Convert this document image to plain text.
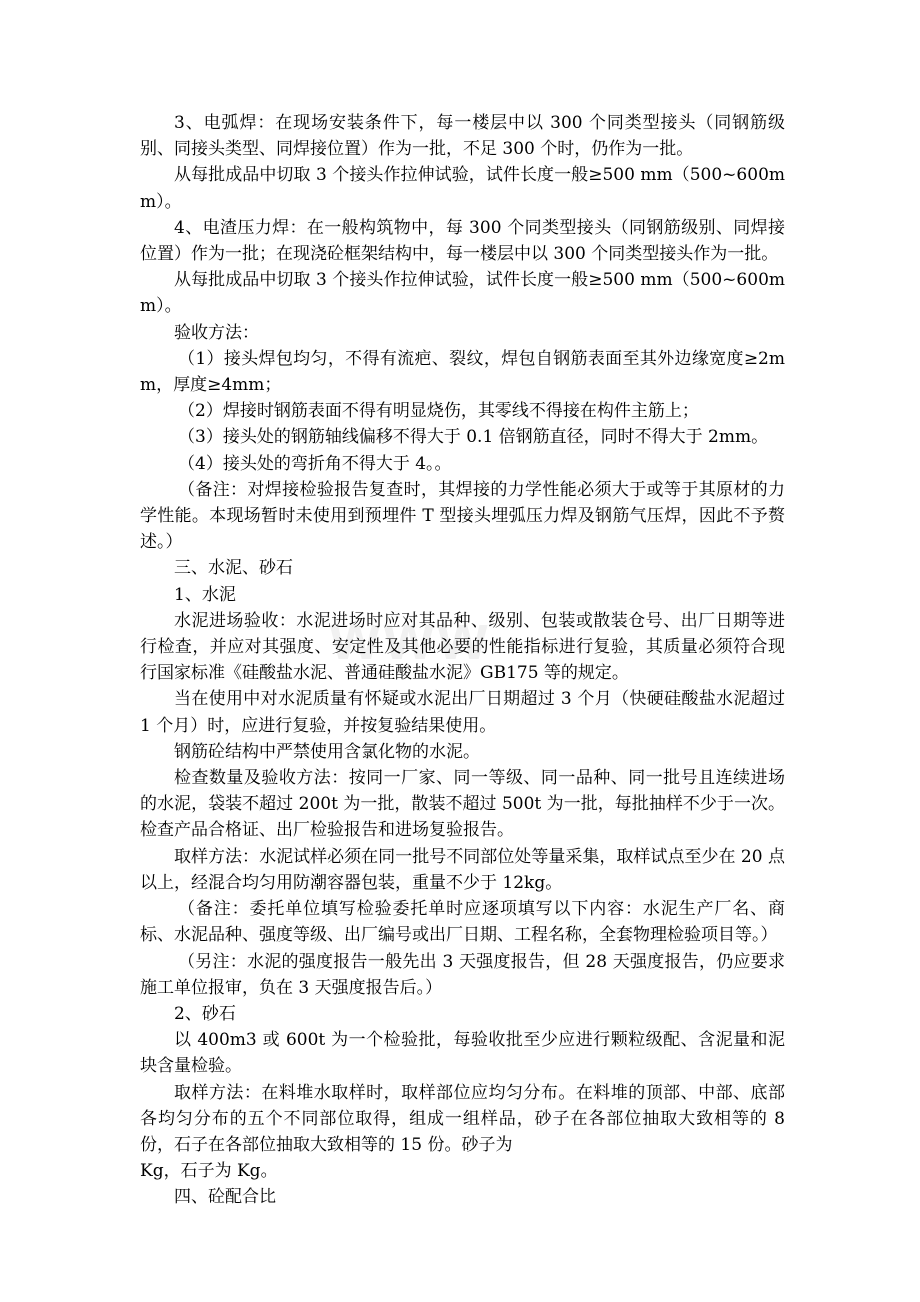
www

3、电弧焊：在现场安装条件下，每一楼层中以 300 个同类型接头（同钢筋级别、同接头类型、同焊接位置）作为一批，不足 300 个时，仍作为一批。

从每批成品中切取 3 个接头作拉伸试验，试件长度一般≥500 mm（500~600mm）。

4、电渣压力焊：在一般构筑物中，每 300 个同类型接头（同钢筋级别、同焊接位置）作为一批；在现浇砼框架结构中，每一楼层中以 300 个同类型接头作为一批。

从每批成品中切取 3 个接头作拉伸试验，试件长度一般≥500 mm（500~600mm）。

验收方法：

（1）接头焊包均匀，不得有流疤、裂纹，焊包自钢筋表面至其外边缘宽度≥2mm，厚度≥4mm；

（2）焊接时钢筋表面不得有明显烧伤，其零线不得接在构件主筋上；

（3）接头处的钢筋轴线偏移不得大于 0.1 倍钢筋直径，同时不得大于 2mm。

（4）接头处的弯折角不得大于 4。。

（备注：对焊接检验报告复查时，其焊接的力学性能必须大于或等于其原材的力学性能。本现场暂时未使用到预埋件 T 型接头埋弧压力焊及钢筋气压焊，因此不予赘述。）

三、水泥、砂石

1、水泥

水泥进场验收：水泥进场时应对其品种、级别、包装或散装仓号、出厂日期等进行检查，并应对其强度、安定性及其他必要的性能指标进行复验，其质量必须符合现行国家标准《硅酸盐水泥、普通硅酸盐水泥》GB175 等的规定。

当在使用中对水泥质量有怀疑或水泥出厂日期超过 3 个月（快硬硅酸盐水泥超过 1 个月）时，应进行复验，并按复验结果使用。

钢筋砼结构中严禁使用含氯化物的水泥。

检查数量及验收方法：按同一厂家、同一等级、同一品种、同一批号且连续进场的水泥，袋装不超过 200t 为一批，散装不超过 500t 为一批，每批抽样不少于一次。检查产品合格证、出厂检验报告和进场复验报告。

取样方法：水泥试样必须在同一批号不同部位处等量采集，取样试点至少在 20 点以上，经混合均匀用防潮容器包装，重量不少于 12kg。

（备注：委托单位填写检验委托单时应逐项填写以下内容：水泥生产厂名、商标、水泥品种、强度等级、出厂编号或出厂日期、工程名称，全套物理检验项目等。）

（另注：水泥的强度报告一般先出 3 天强度报告，但 28 天强度报告，仍应要求施工单位报审，负在 3 天强度报告后。）

2、砂石

以 400m3 或 600t 为一个检验批，每验收批至少应进行颗粒级配、含泥量和泥块含量检验。

取样方法：在料堆水取样时，取样部位应均匀分布。在料堆的顶部、中部、底部各均匀分布的五个不同部位取得，组成一组样品，砂子在各部位抽取大致相等的 8 份，石子在各部位抽取大致相等的 15 份。砂子为

Kg，石子为 Kg。

四、砼配合比
